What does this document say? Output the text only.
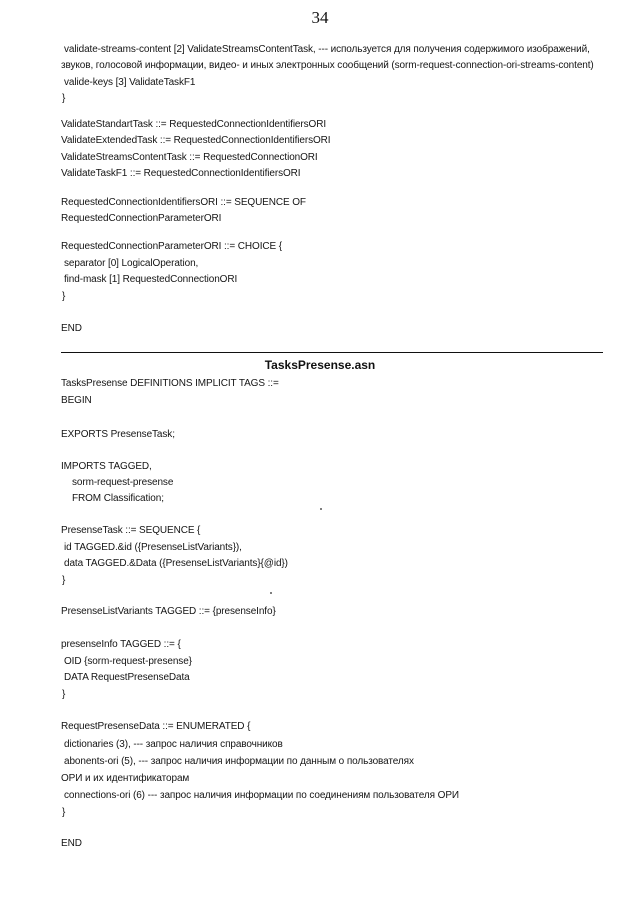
34
validate-streams-content [2] ValidateStreamsContentTask, --- используется для получения содержимого изображений,
звуков, голосовой информации, видео- и иных электронных сообщений (sorm-request-connection-ori-streams-content)
valide-keys [3] ValidateTaskF1
}
ValidateStandartTask ::= RequestedConnectionIdentifiersORI
ValidateExtendedTask ::= RequestedConnectionIdentifiersORI
ValidateStreamsContentTask ::= RequestedConnectionORI
ValidateTaskF1 ::= RequestedConnectionIdentifiersORI
RequestedConnectionIdentifiersORI ::= SEQUENCE OF
RequestedConnectionParameterORI
RequestedConnectionParameterORI ::= CHOICE {
separator [0] LogicalOperation,
find-mask [1] RequestedConnectionORI
}
END
TasksPresense.asn
TasksPresense DEFINITIONS IMPLICIT TAGS ::=
BEGIN
EXPORTS PresenseTask;
IMPORTS TAGGED,
sorm-request-presense
FROM Classification;
PresenseTask ::= SEQUENCE {
id TAGGED.&id ({PresenseListVariants}),
data TAGGED.&Data ({PresenseListVariants}{@id})
}
PresenseListVariants TAGGED ::= {presenseInfo}
presenseInfo TAGGED ::= {
OID {sorm-request-presense}
DATA RequestPresenseData
}
RequestPresenseData ::= ENUMERATED {
dictionaries (3), --- запрос наличия справочников
abonents-ori (5), --- запрос наличия информации по данным о пользователях
ОРИ и их идентификаторам
connections-ori (6) --- запрос наличия информации по соединениям пользователя ОРИ
}
END
